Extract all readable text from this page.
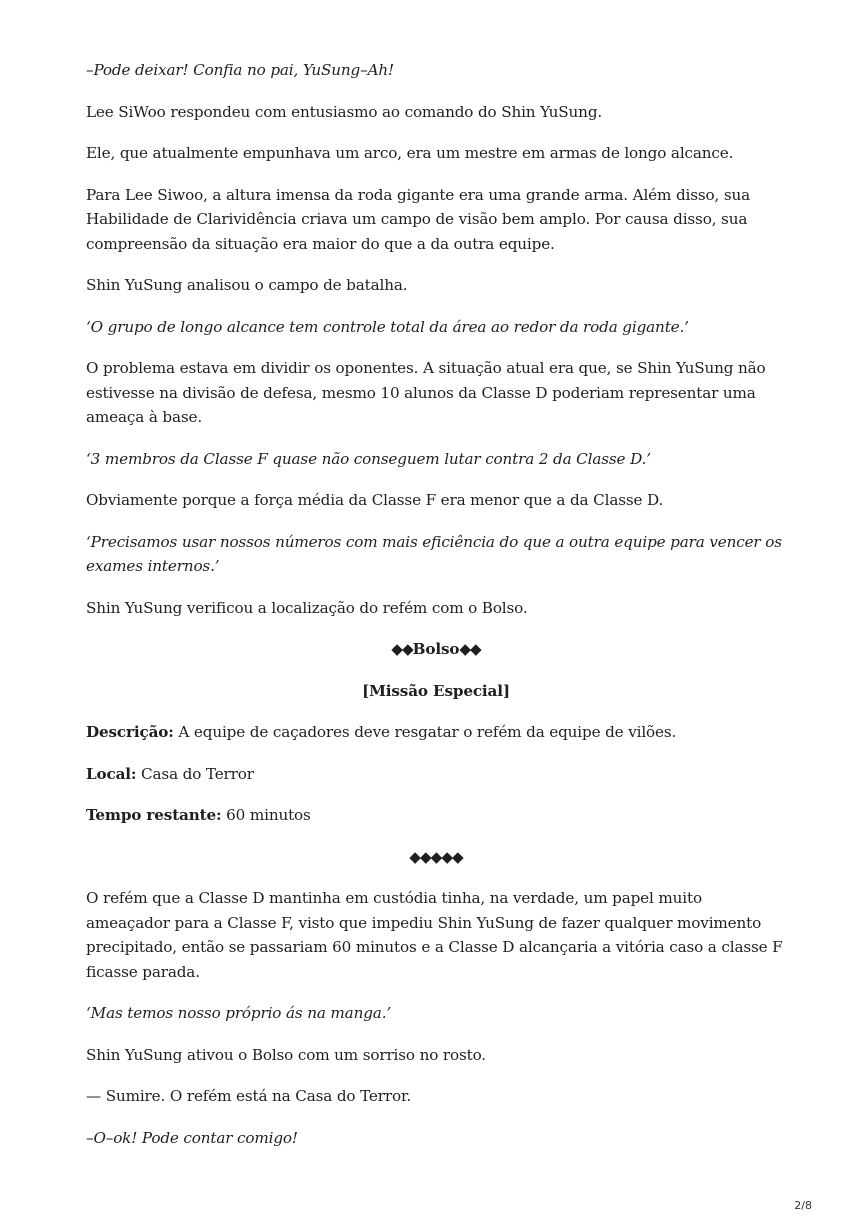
–Pode deixar! Confia no pai, YuSung–Ah!

Lee SiWoo respondeu com entusiasmo ao comando do Shin YuSung.

Ele, que atualmente empunhava um arco, era um mestre em armas de longo alcance.

Para Lee Siwoo, a altura imensa da roda gigante era uma grande arma. Além disso, sua Habilidade de Clarividência criava um campo de visão bem amplo. Por causa disso, sua compreensão da situação era maior do que a da outra equipe.

Shin YuSung analisou o campo de batalha.

‘O grupo de longo alcance tem controle total da área ao redor da roda gigante.’

O problema estava em dividir os oponentes. A situação atual era que, se Shin YuSung não estivesse na divisão de defesa, mesmo 10 alunos da Classe D poderiam representar uma ameaça à base.

‘3 membros da Classe F quase não conseguem lutar contra 2 da Classe D.’

Obviamente porque a força média da Classe F era menor que a da Classe D.

‘Precisamos usar nossos números com mais eficiência do que a outra equipe para vencer os exames internos.’

Shin YuSung verificou a localização do refém com o Bolso.

◆◆Bolso◆◆

[Missão Especial]

Descrição: A equipe de caçadores deve resgatar o refém da equipe de vilões.

Local: Casa do Terror

Tempo restante: 60 minutos

◆◆◆◆◆

O refém que a Classe D mantinha em custódia tinha, na verdade, um papel muito ameaçador para a Classe F, visto que impediu Shin YuSung de fazer qualquer movimento precipitado, então se passariam 60 minutos e a Classe D alcançaria a vitória caso a classe F ficasse parada.

‘Mas temos nosso próprio ás na manga.’

Shin YuSung ativou o Bolso com um sorriso no rosto.

— Sumire. O refém está na Casa do Terror.

–O–ok! Pode contar comigo!

2/8
